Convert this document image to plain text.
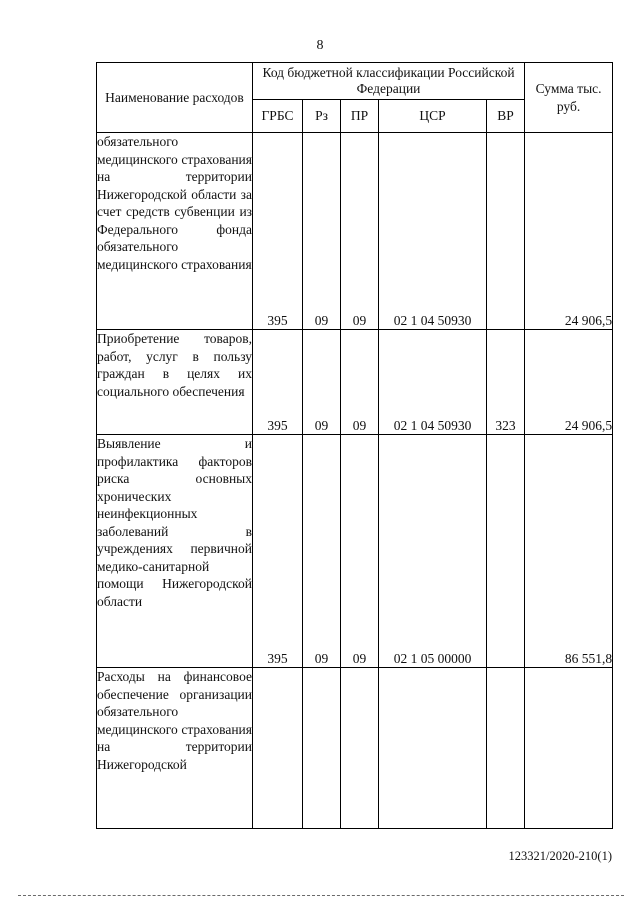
8
Наименование расходов	Код бюджетной классификации Российской Федерации					Сумма тыс. руб.
	ГРБС	Рз	ПР	ЦСР	ВР	
обязательного медицинского страхования на территории Нижегородской области за счет средств субвенции из Федерального фонда обязательного медицинского страхования	395	09	09	02 1 04 50930		24 906,5
Приобретение товаров, работ, услуг в пользу граждан в целях их социального обеспечения	395	09	09	02 1 04 50930	323	24 906,5
Выявление и профилактика факторов риска основных хронических неинфекционных заболеваний в учреждениях первичной медико-санитарной помощи Нижегородской области	395	09	09	02 1 05 00000		86 551,8
Расходы на финансовое обеспечение организации обязательного медицинского страхования на территории Нижегородской						
123321/2020-210(1)
